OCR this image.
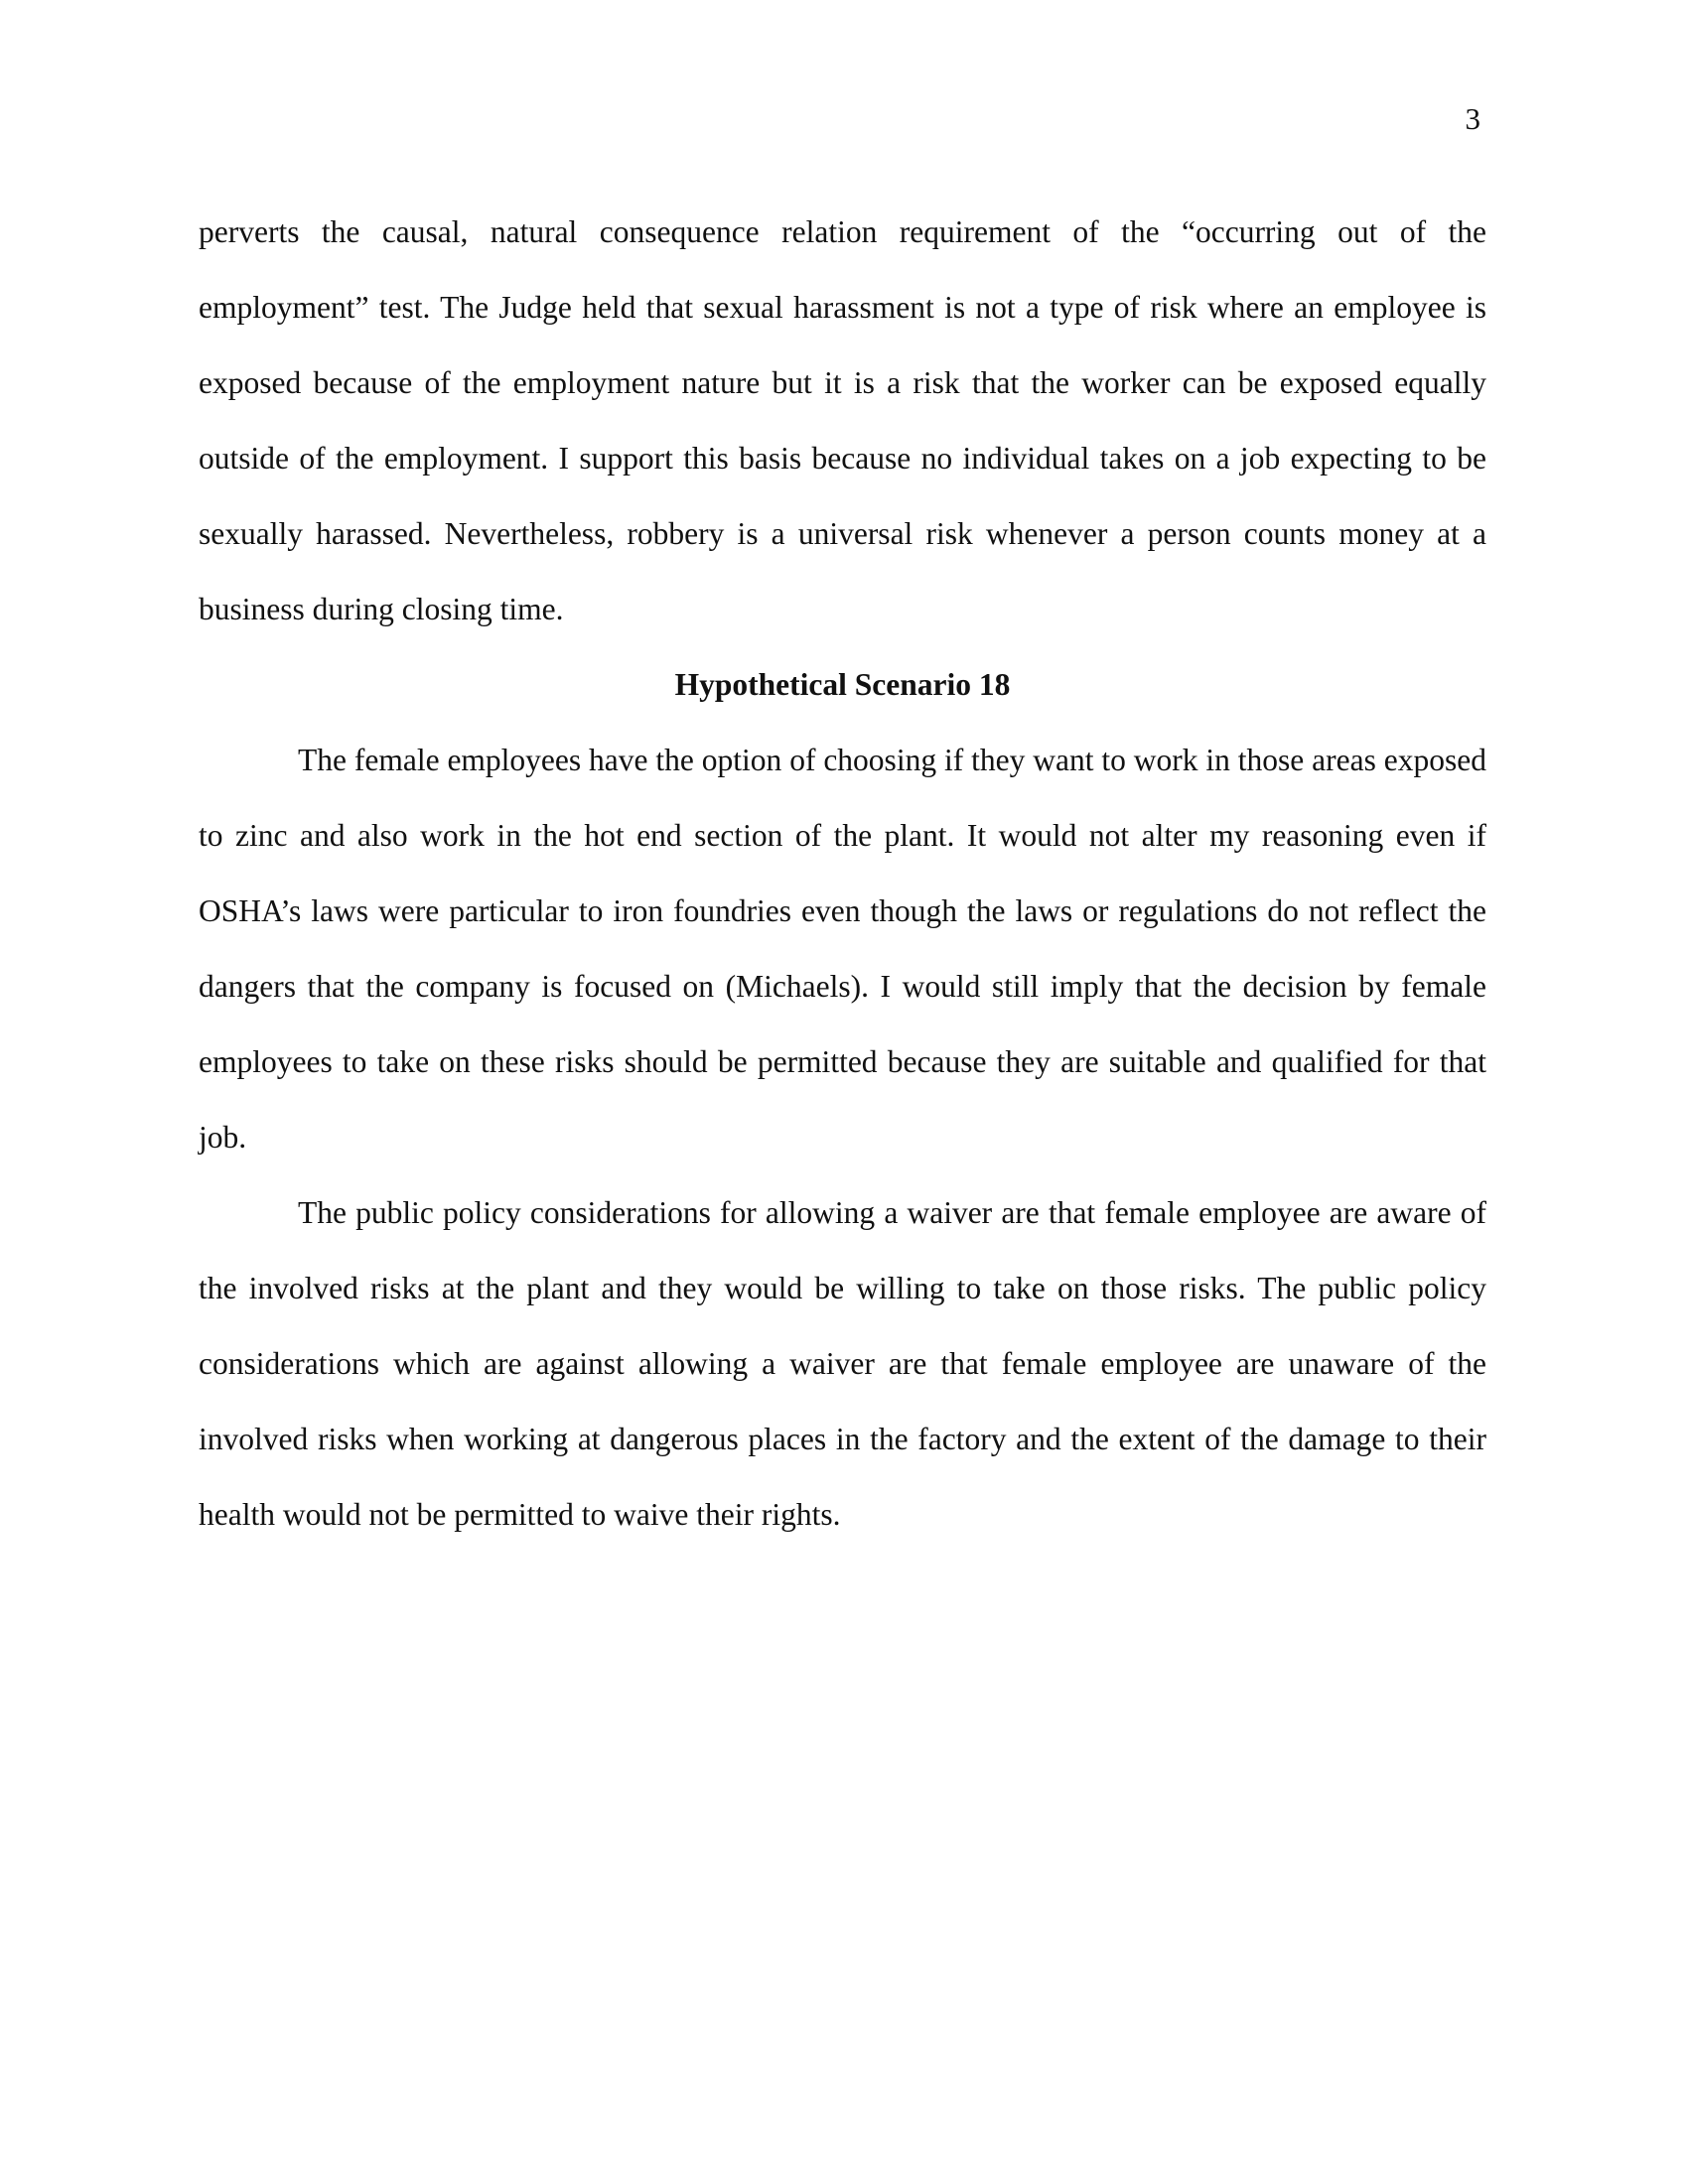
3

perverts the causal, natural consequence relation requirement of the “occurring out of the employment” test. The Judge held that sexual harassment is not a type of risk where an employee is exposed because of the employment nature but it is a risk that the worker can be exposed equally outside of the employment. I support this basis because no individual takes on a job expecting to be sexually harassed. Nevertheless, robbery is a universal risk whenever a person counts money at a business during closing time.

Hypothetical Scenario 18

The female employees have the option of choosing if they want to work in those areas exposed to zinc and also work in the hot end section of the plant. It would not alter my reasoning even if OSHA’s laws were particular to iron foundries even though the laws or regulations do not reflect the dangers that the company is focused on (Michaels). I would still imply that the decision by female employees to take on these risks should be permitted because they are suitable and qualified for that job.

The public policy considerations for allowing a waiver are that female employee are aware of the involved risks at the plant and they would be willing to take on those risks. The public policy considerations which are against allowing a waiver are that female employee are unaware of the involved risks when working at dangerous places in the factory and the extent of the damage to their health would not be permitted to waive their rights.
